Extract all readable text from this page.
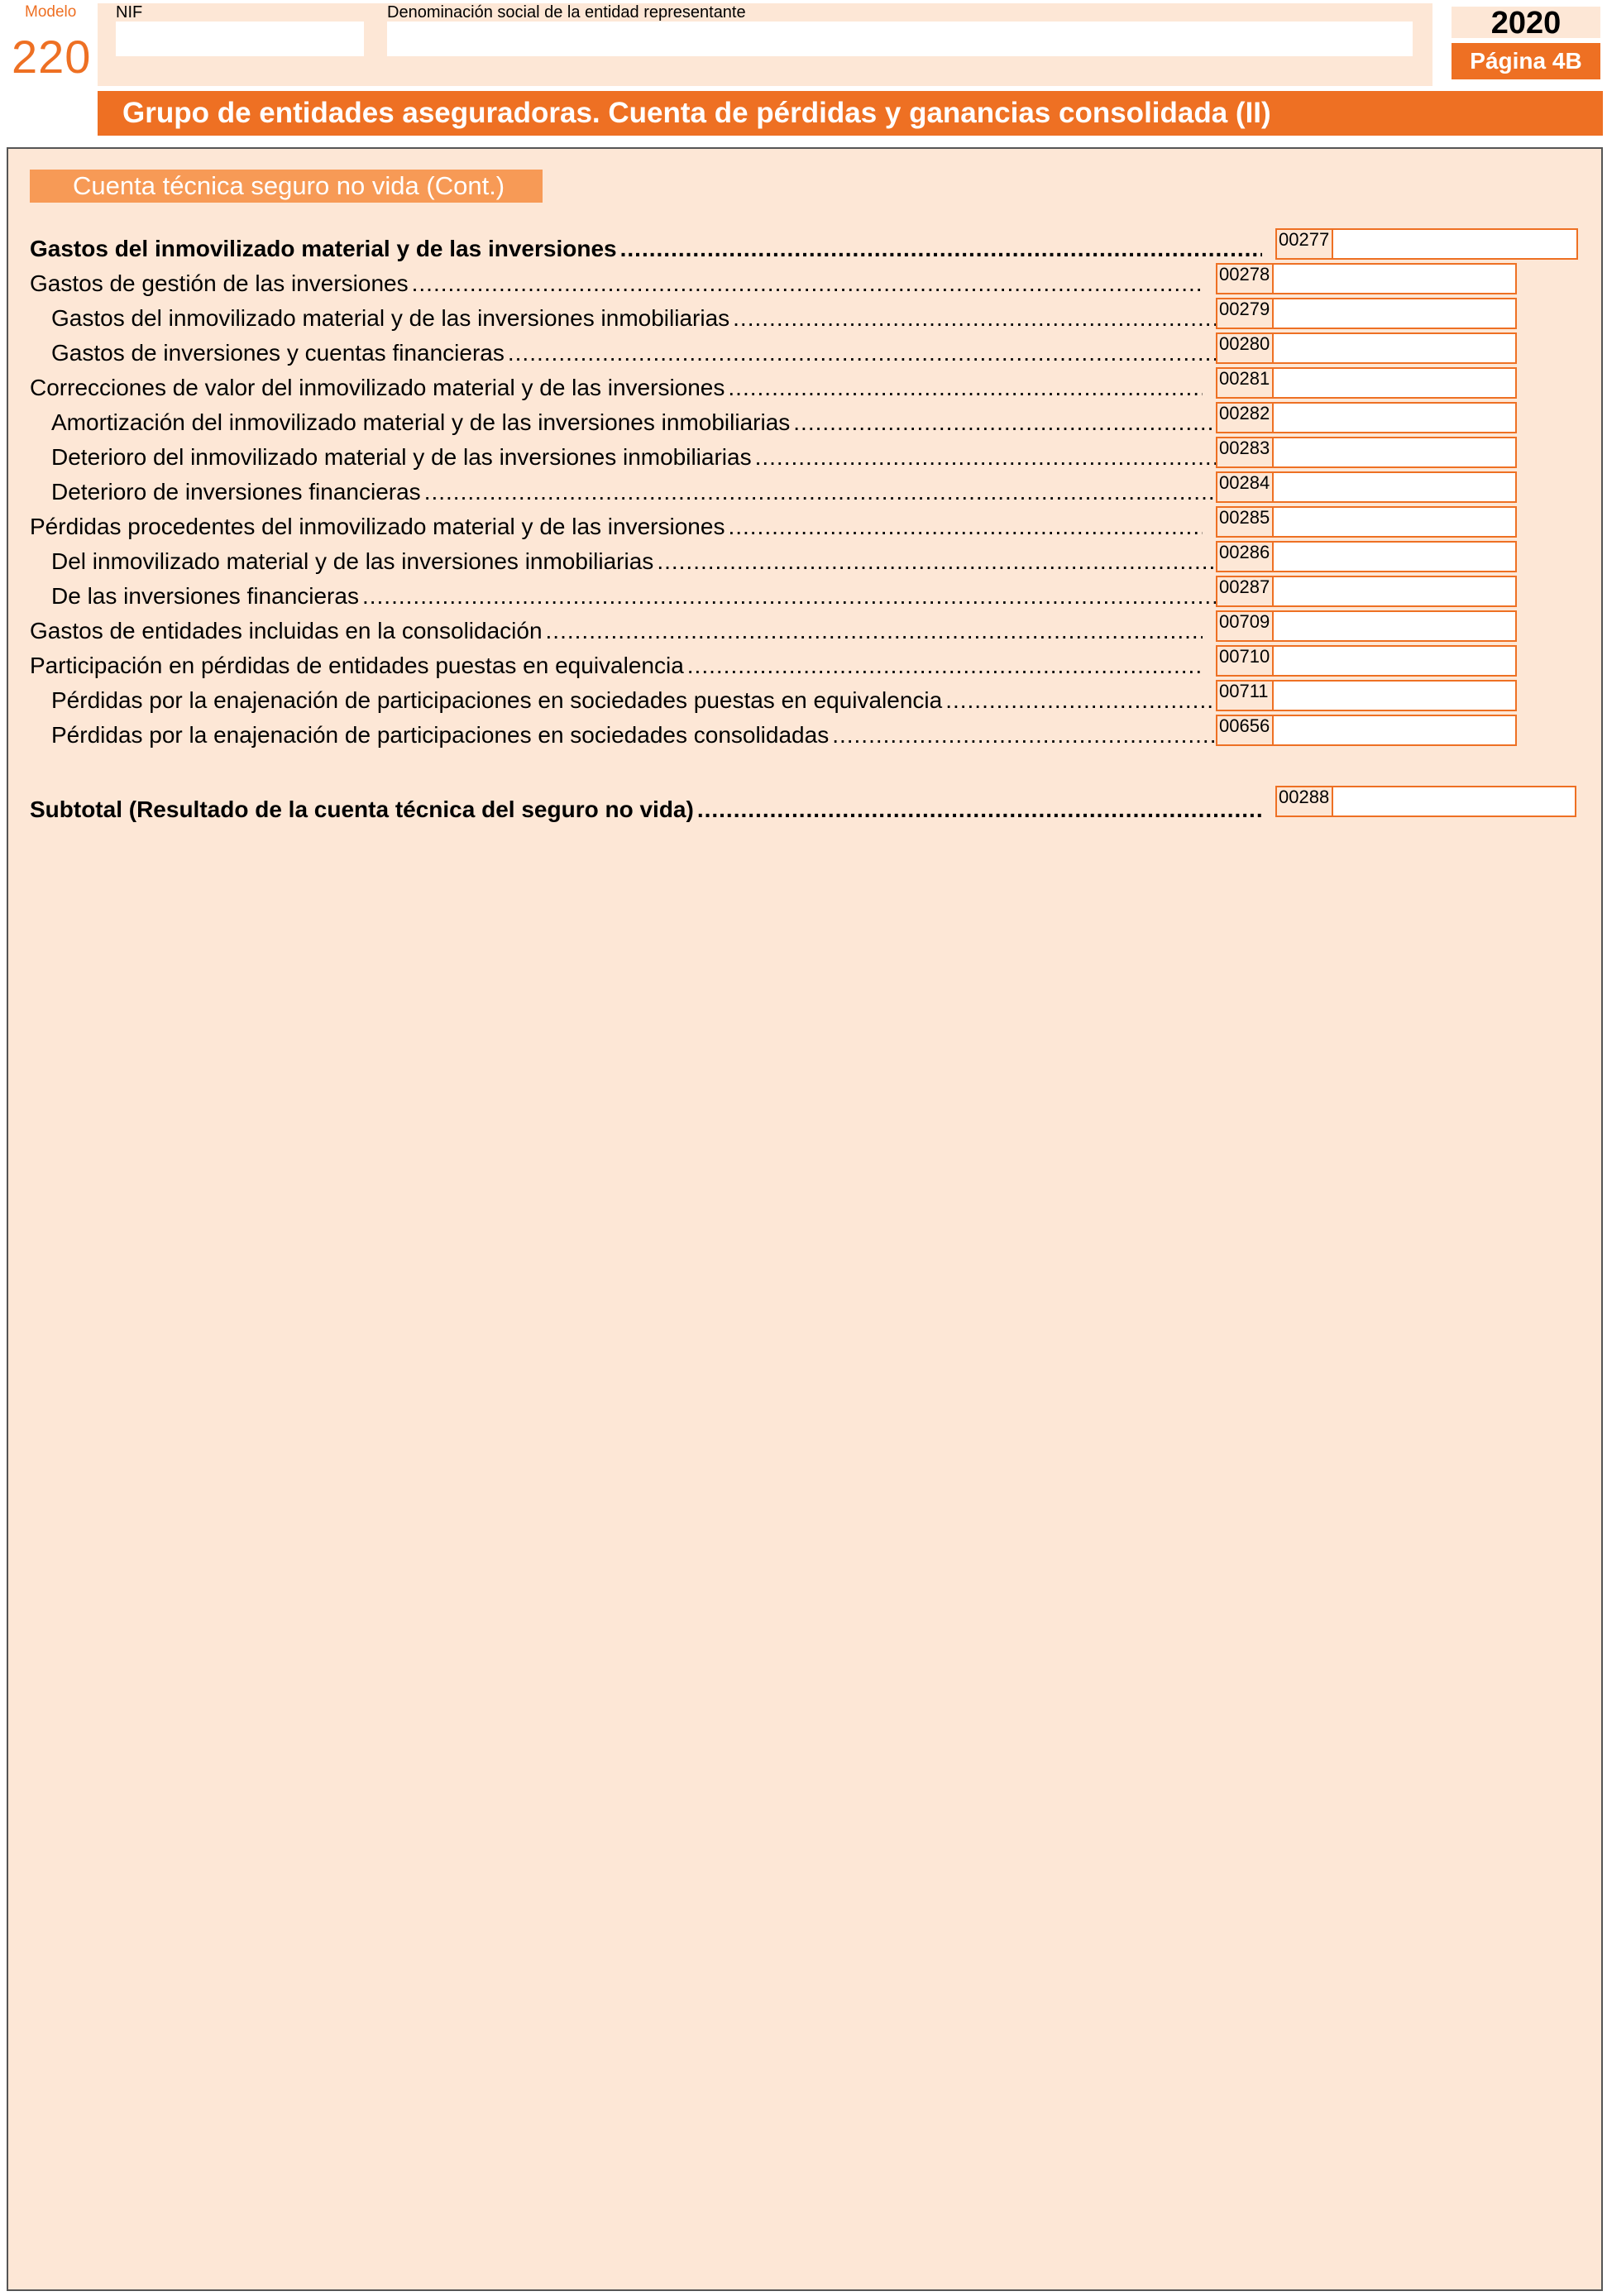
Modelo
220
NIF	Denominación social de la entidad representante	2020
Página 4B
Grupo de entidades aseguradoras. Cuenta de pérdidas y ganancias consolidada (II)
Cuenta técnica seguro no vida (Cont.)
Gastos del inmovilizado material y de las inversiones .....	00277
Gastos de gestión de las inversiones .....	00278
Gastos del inmovilizado material y de las inversiones inmobiliarias .....	00279
Gastos de inversiones y cuentas financieras .....	00280
Correcciones de valor del inmovilizado material y de las inversiones .....	00281
Amortización del inmovilizado material y de las inversiones inmobiliarias .....	00282
Deterioro del inmovilizado material y de las inversiones inmobiliarias .....	00283
Deterioro de inversiones financieras .....	00284
Pérdidas procedentes del inmovilizado material y de las inversiones .....	00285
Del inmovilizado material y de las inversiones inmobiliarias .....	00286
De las inversiones financieras .....	00287
Gastos de entidades incluidas en la consolidación .....	00709
Participación en pérdidas de entidades puestas en equivalencia .....	00710
Pérdidas por la enajenación de participaciones en sociedades puestas en equivalencia .....	00711
Pérdidas por la enajenación de participaciones en sociedades consolidadas .....	00656
Subtotal (Resultado de la cuenta técnica del seguro no vida) .....	00288
